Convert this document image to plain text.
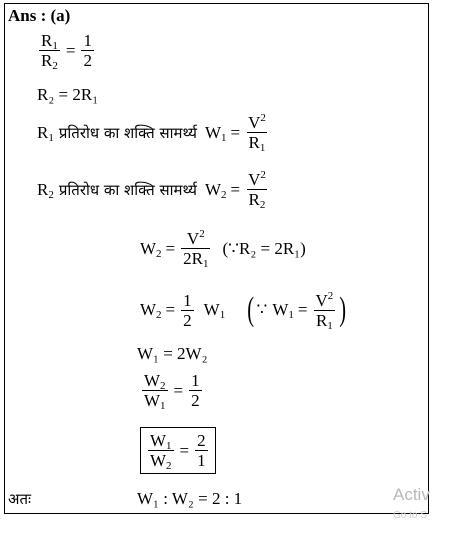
Ans : (a)
$\frac{R_1}{R_2} = \frac{1}{2}$
R₂ = 2R₁
$R_1$ प्रतिरोध का शक्ति सामर्थ्य $W_1 = \frac{V^2}{R_1}$
$R_2$ प्रतिरोध का शक्ति सामर्थ्य $W_2 = \frac{V^2}{R_2}$
$W_2 = \frac{V^2}{2R_1}$ (∵R₂ = 2R₁)
$W_2 = \frac{1}{2} W_1$ ( ∵ $W_1 = \frac{V^2}{R_1}$ )
W₁ = 2W₂
$\frac{W_2}{W_1} = \frac{1}{2}$
$\frac{W_1}{W_2} = \frac{2}{1}$
अतः	W₁ : W₂ = 2 : 1	Activ
Go to S
